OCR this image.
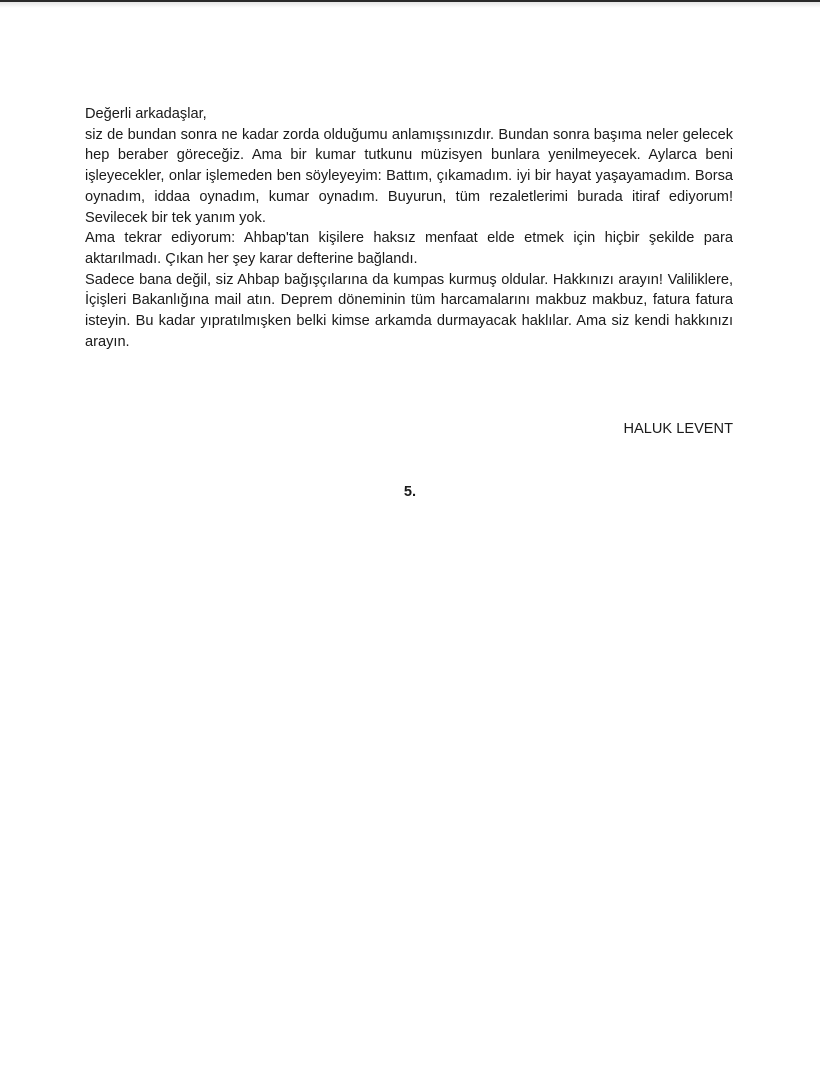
Değerli arkadaşlar,

siz de bundan sonra ne kadar zorda olduğumu anlamışsınızdır. Bundan sonra başıma neler gelecek hep beraber göreceğiz. Ama bir kumar tutkunu müzisyen bunlara yenilmeyecek. Aylarca beni işleyecekler, onlar işlemeden ben söyleyeyim: Battım, çıkamadım. iyi bir hayat yaşayamadım. Borsa oynadım, iddaa oynadım, kumar oynadım. Buyurun, tüm rezaletlerimi burada itiraf ediyorum! Sevilecek bir tek yanım yok.

Ama tekrar ediyorum: Ahbap'tan kişilere haksız menfaat elde etmek için hiçbir şekilde para aktarılmadı. Çıkan her şey karar defterine bağlandı.

Sadece bana değil, siz Ahbap bağışçılarına da kumpas kurmuş oldular. Hakkınızı arayın! Valiliklere, İçişleri Bakanlığına mail atın. Deprem döneminin tüm harcamalarını makbuz makbuz, fatura fatura isteyin. Bu kadar yıpratılmışken belki kimse arkamda durmayacak haklılar. Ama siz kendi hakkınızı arayın.

HALUK LEVENT
5.
